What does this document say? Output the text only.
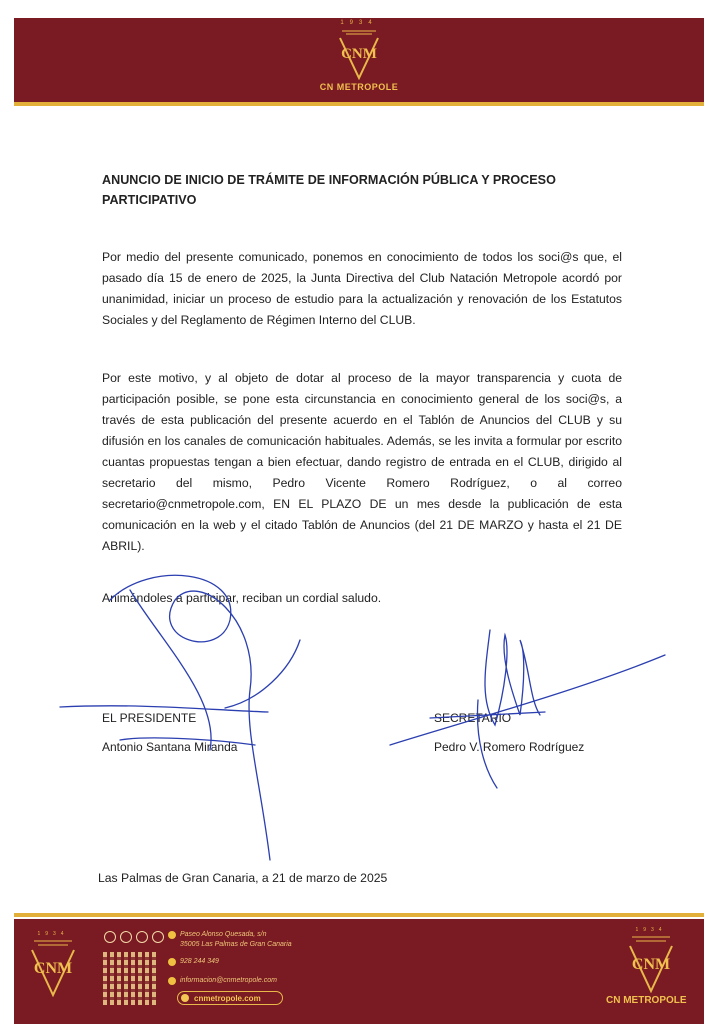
1934
CNM
CN METROPOLE
ANUNCIO DE INICIO DE TRÁMITE DE INFORMACIÓN PÚBLICA Y PROCESO PARTICIPATIVO
Por medio del presente comunicado, ponemos en conocimiento de todos los soci@s que, el pasado día 15 de enero de 2025, la Junta Directiva del Club Natación Metropole acordó por unanimidad, iniciar un proceso de estudio para la actualización y renovación de los Estatutos Sociales y del Reglamento de Régimen Interno del CLUB.
Por este motivo, y al objeto de dotar al proceso de la mayor transparencia y cuota de participación posible, se pone esta circunstancia en conocimiento general de los soci@s, a través de esta publicación del presente acuerdo en el Tablón de Anuncios del CLUB y su difusión en los canales de comunicación habituales. Además, se les invita a formular por escrito cuantas propuestas tengan a bien efectuar, dando registro de entrada en el CLUB, dirigido al secretario del mismo, Pedro Vicente Romero Rodríguez, o al correo secretario@cnmetropole.com, EN EL PLAZO DE un mes desde la publicación de esta comunicación en la web y el citado Tablón de Anuncios (del 21 DE MARZO y hasta el 21 DE ABRIL).
Animándoles a participar, reciban un cordial saludo.
EL PRESIDENTE
Antonio Santana Miranda
SECRETARIO
Pedro V. Romero Rodríguez
Las Palmas de Gran Canaria, a 21 de marzo de 2025
1934
CNM
Paseo Alonso Quesada, s/n
35005 Las Palmas de Gran Canaria
928 244 349
informacion@cnmetropole.com
cnmetropole.com
1934
CNM
CN METROPOLE
